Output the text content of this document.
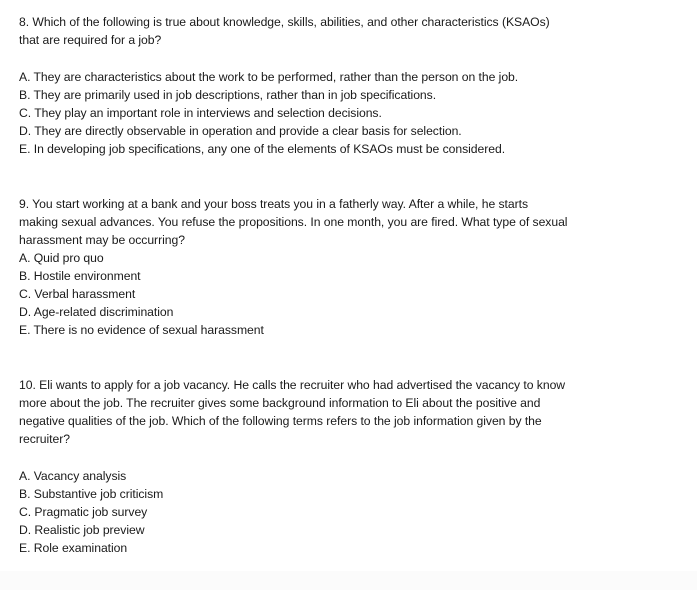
8. Which of the following is true about knowledge, skills, abilities, and other characteristics (KSAOs)
that are required for a job?
A. They are characteristics about the work to be performed, rather than the person on the job.
B. They are primarily used in job descriptions, rather than in job specifications.
C. They play an important role in interviews and selection decisions.
D. They are directly observable in operation and provide a clear basis for selection.
E. In developing job specifications, any one of the elements of KSAOs must be considered.
9. You start working at a bank and your boss treats you in a fatherly way. After a while, he starts
making sexual advances. You refuse the propositions. In one month, you are fired. What type of sexual
harassment may be occurring?
A. Quid pro quo
B. Hostile environment
C. Verbal harassment
D. Age-related discrimination
E. There is no evidence of sexual harassment
10. Eli wants to apply for a job vacancy. He calls the recruiter who had advertised the vacancy to know
more about the job. The recruiter gives some background information to Eli about the positive and
negative qualities of the job. Which of the following terms refers to the job information given by the
recruiter?
A. Vacancy analysis
B. Substantive job criticism
C. Pragmatic job survey
D. Realistic job preview
E. Role examination
